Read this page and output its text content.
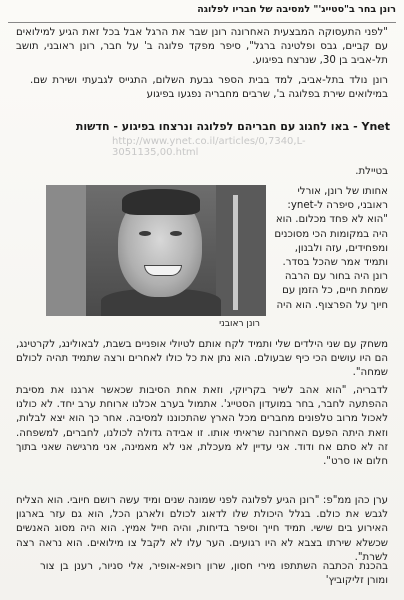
רונן בחר ב"סטייג'" למסיבה של חבריו לפלוגה

"לפני התעסוקה המבצעית האחרונה רונן שבר את הרגל אבל בכל זאת הגיע למילואים עם קביים, גבס ופלטינה ברגל", סיפר מפקד פלוגה ב' על חבר, רונן ראובני, תושב תל-אביב בן 30, שנרצח בפיגוע.

רונן נולד בתל-אביב, למד בבית הספר גבעת השלום, התגייס לגבעתי ושירת שם. במילואים שירת בפלוגה ב', שרבים מחבריה נפגעו בפיגוע

Ynet - באו לחגוג עם חבריהם לפלוגה ונרצחו בפיגוע - חדשות
http://www.ynet.co.il/articles/0,7340,L-3051135,00.html

בטיילת.

רונן ראובני
אחותו של רונן, אורלי ראובני, סיפרה ל-ynet: "הוא לא פחד מכלום. הוא היה במקומות הכי מסוכנים ומפחידים, עזה ולבנון, ותמיד אמר שהכל בסדר. רונן היה בחור עם הרבה שמחת חיים, כל הזמן עם חיוך על הפרצוף. הוא היה

משחק עם שני הילדים שלי ותמיד לקח אותם לטיולי אופניים בשבת, לבאולינג, לקרטינג, הם היו עושים הכי כיף שבעולם. הוא נתן את כל כולו לאחרים ורצה שתמיד תהיה לכולם שמחה".

לדבריה, "הוא אהב לשיר בקריוקי, וזאת אחת הסיבות שכאשר ארגנו את מסיבת ההפתעה לחבר, בחר במועדון הסטייג'. אתמול בערב אכלנו ארוחת ערב יחד. לא כולנו לאכול מרוב טלפונים מחברים מכל הארץ שהתכוננו למסיבה. אחר כך הוא יצא לבלות, וזאת היתה הפעם האחרונה שראיתי אותו. זו אבידה גדולה לכולנו, לחברים, למשפחה. זה לא סתם אח ודוד. אני עדיין לא מעכלת, אני לא מאמינה, אני מרגישה שאני בתוך חלום או סרט".

ערן כהן ממ"פ: "רונן הגיע לפלוגה לפני שמונה שנים ומיד עשה רושם חיובי. הוא הצליח לגבש את כולם. בגלל היכולת שלו לדאוג לכולם ולארגן הכל, הוא גם עזר בארגון האירוע בים שישי. תמיד חייך וסיפר בדיחות, והיה חייל אמיץ. הוא היה מסוג האנשים שכשלא שירתו בצבא לא היו רגועים. הער עלו לא לקבל צו מילואים. הוא נראה רצה לשרת".

בהכנת הכתבה השתתפו מירי חסון, שרון רופא-אופיר, אלי סניור, רענן בן צור ומורן זליקוביץ'
